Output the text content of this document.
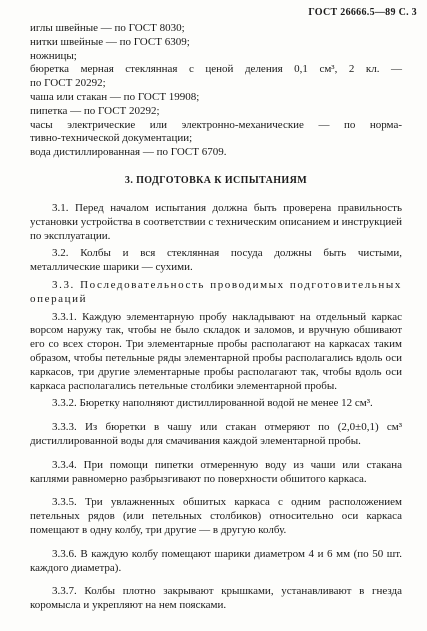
ГОСТ 26666.5—89 С. 3
иглы швейные — по ГОСТ 8030;
нитки швейные — по ГОСТ 6309;
ножницы;
бюретка мерная стеклянная с ценой деления 0,1 см³, 2 кл. —
по ГОСТ 20292;
чаша или стакан — по ГОСТ 19908;
пипетка — по ГОСТ 20292;
часы электрические или электронно-механические — по норма-
тивно-технической документации;
вода дистиллированная — по ГОСТ 6709.
3. ПОДГОТОВКА К ИСПЫТАНИЯМ
3.1. Перед началом испытания должна быть проверена правильность установки устройства в соответствии с техническим описанием и инструкцией по эксплуатации.
3.2. Колбы и вся стеклянная посуда должны быть чистыми, металлические шарики — сухими.
3.3. Последовательность проводимых подготовительных операций
3.3.1. Каждую элементарную пробу накладывают на отдельный каркас ворсом наружу так, чтобы не было складок и заломов, и вручную обшивают его со всех сторон. Три элементарные пробы располагают на каркасах таким образом, чтобы петельные ряды элементарной пробы располагались вдоль оси каркасов, три другие элементарные пробы располагают так, чтобы вдоль оси каркаса располагались петельные столбики элементарной пробы.
3.3.2. Бюретку наполняют дистиллированной водой не менее 12 см³.
3.3.3. Из бюретки в чашу или стакан отмеряют по (2,0±0,1) см³ дистиллированной воды для смачивания каждой элементарной пробы.
3.3.4. При помощи пипетки отмеренную воду из чаши или стакана каплями равномерно разбрызгивают по поверхности обшитого каркаса.
3.3.5. Три увлажненных обшитых каркаса с одним расположением петельных рядов (или петельных столбиков) относительно оси каркаса помещают в одну колбу, три другие — в другую колбу.
3.3.6. В каждую колбу помещают шарики диаметром 4 и 6 мм (по 50 шт. каждого диаметра).
3.3.7. Колбы плотно закрывают крышками, устанавливают в гнезда коромысла и укрепляют на нем поясками.
